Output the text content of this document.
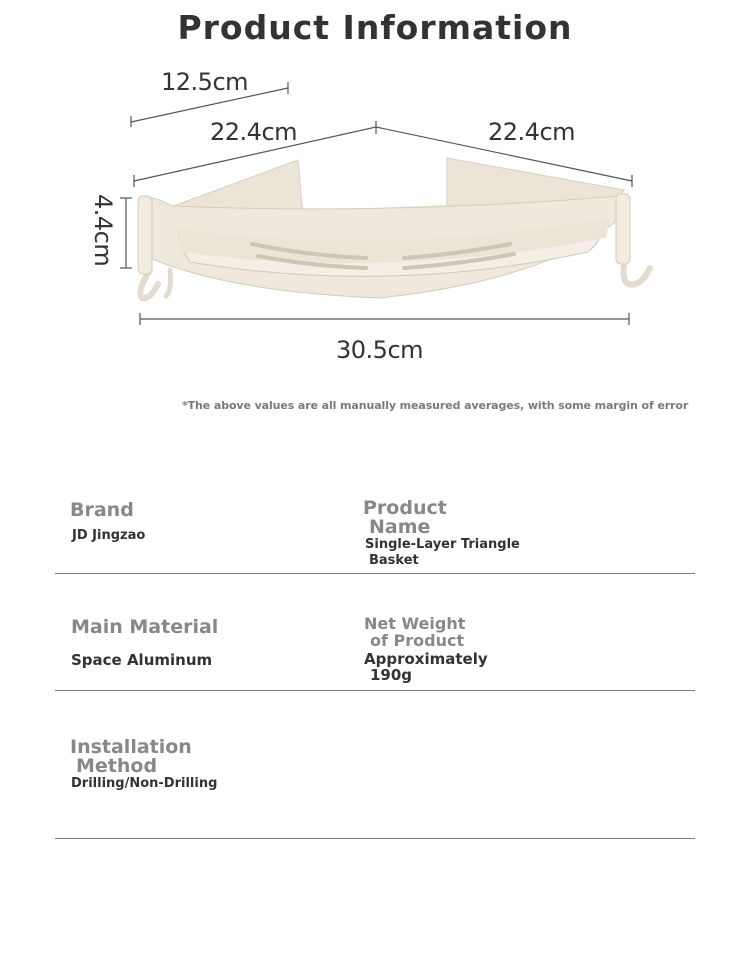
Product Information
12.5cm
22.4cm	22.4cm
4.4cm
30.5cm
*The above values are all manually measured averages, with some margin of error
Brand
JD Jingzao
Product
Name
Single-Layer Triangle
Basket
Main Material
Space Aluminum
Net Weight
of Product
Approximately
190g
Installation
Method
Drilling/Non-Drilling
